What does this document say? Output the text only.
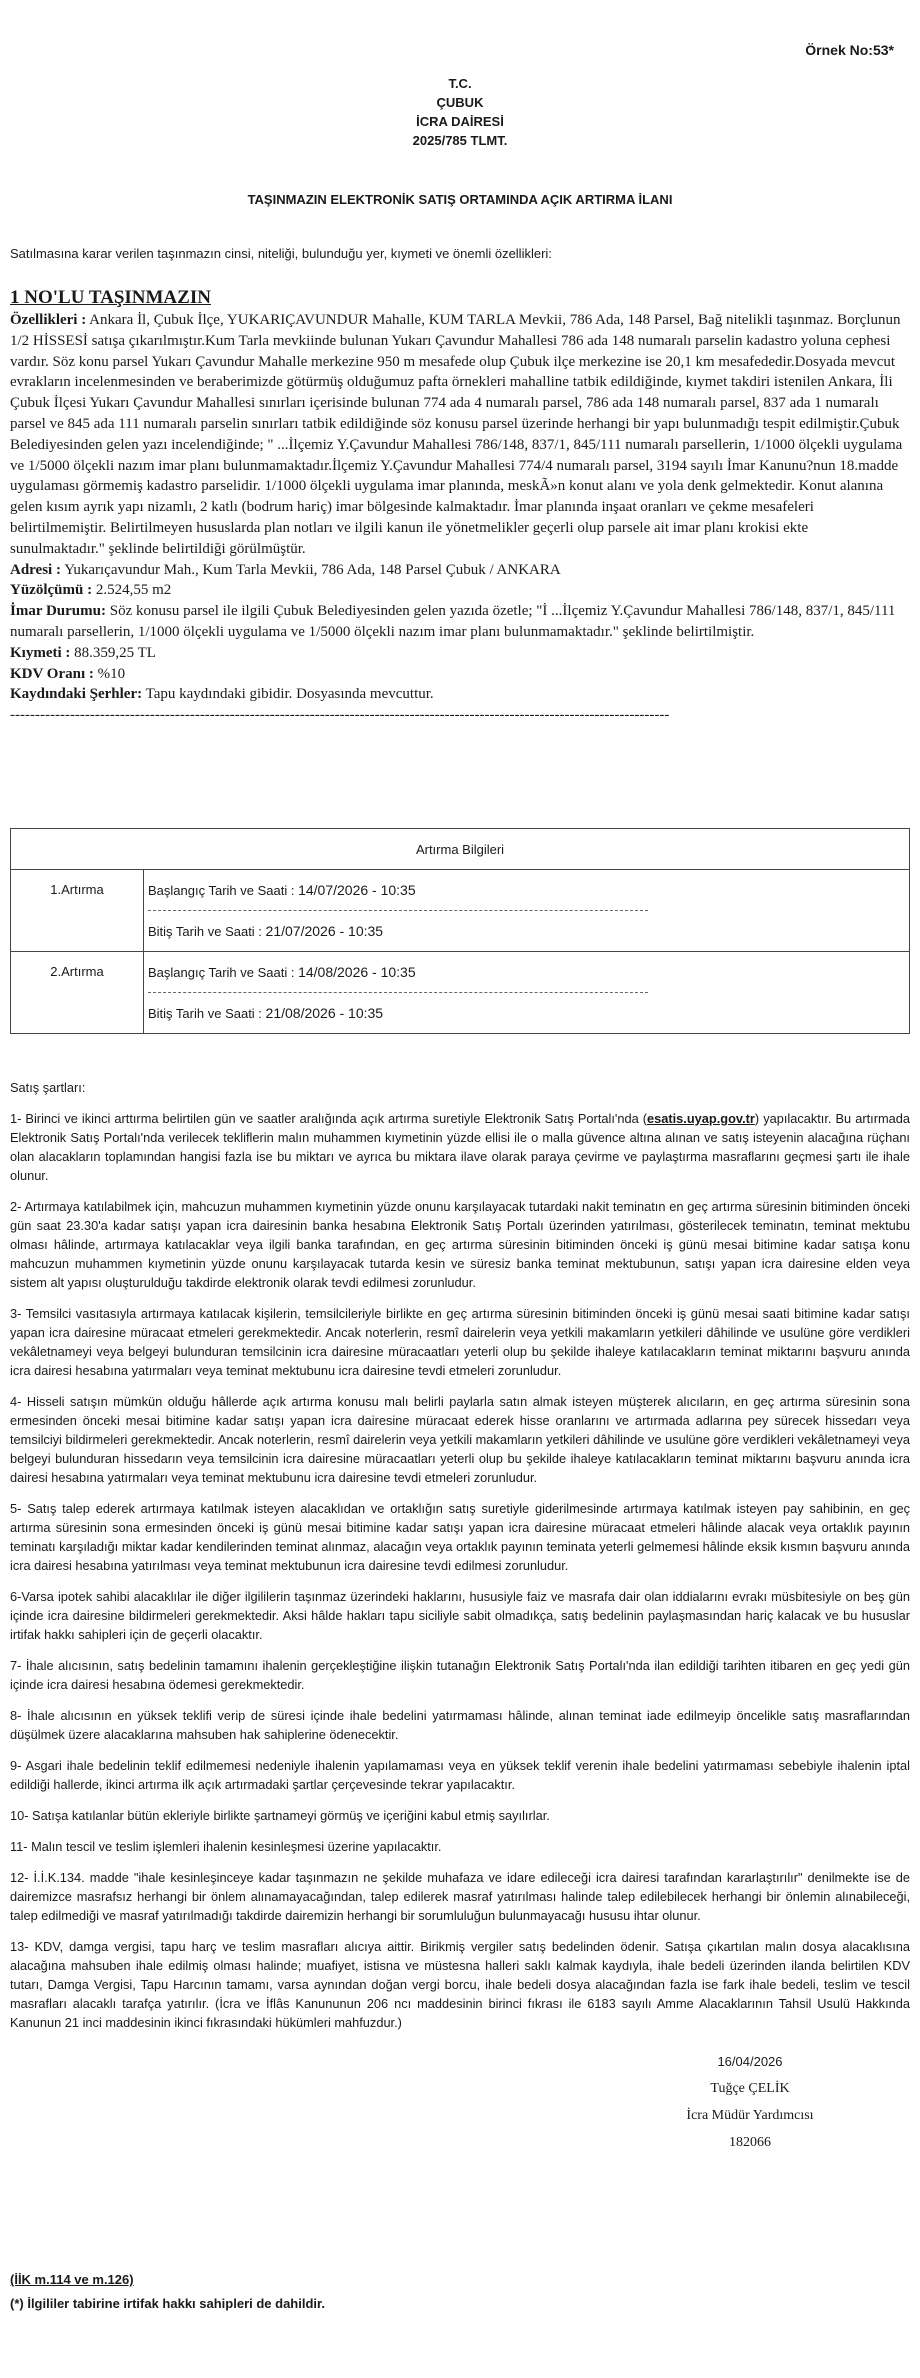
Örnek No:53*
T.C.
ÇUBUK
İCRA DAİRESİ
2025/785 TLMT.
TAŞINMAZIN ELEKTRONİK SATIŞ ORTAMINDA AÇIK ARTIRMA İLANI
Satılmasına karar verilen taşınmazın cinsi, niteliği, bulunduğu yer, kıymeti ve önemli özellikleri:
1 NO'LU TAŞINMAZIN

Özellikleri : Ankara İl, Çubuk İlçe, YUKARIÇAVUNDUR Mahalle, KUM TARLA Mevkii, 786 Ada, 148 Parsel, Bağ nitelikli taşınmaz. Borçlunun 1/2 HİSSESİ satışa çıkarılmıştır.Kum Tarla mevkiinde bulunan Yukarı Çavundur Mahallesi 786 ada 148 numaralı parselin kadastro yoluna cephesi vardır. Söz konu parsel Yukarı Çavundur Mahalle merkezine 950 m mesafede olup Çubuk ilçe merkezine ise 20,1 km mesafededir.Dosyada mevcut evrakların incelenmesinden ve beraberimizde götürmüş olduğumuz pafta örnekleri mahalline tatbik edildiğinde, kıymet takdiri istenilen Ankara, İli Çubuk İlçesi Yukarı Çavundur Mahallesi sınırları içerisinde bulunan 774 ada 4 numaralı parsel, 786 ada 148 numaralı parsel, 837 ada 1 numaralı parsel ve 845 ada 111 numaralı parselin sınırları tatbik edildiğinde söz konusu parsel üzerinde herhangi bir yapı bulunmadığı tespit edilmiştir.Çubuk Belediyesinden gelen yazı incelendiğinde; " ...İlçemiz Y.Çavundur Mahallesi 786/148, 837/1, 845/111 numaralı parsellerin, 1/1000 ölçekli uygulama ve 1/5000 ölçekli nazım imar planı bulunmamaktadır.İlçemiz Y.Çavundur Mahallesi 774/4 numaralı parsel, 3194 sayılı İmar Kanunu?nun 18.madde uygulaması görmemiş kadastro parselidir. 1/1000 ölçekli uygulama imar planında, meskÃ»n konut alanı ve yola denk gelmektedir. Konut alanına gelen kısım ayrık yapı nizamlı, 2 katlı (bodrum hariç) imar bölgesinde kalmaktadır. İmar planında inşaat oranları ve çekme mesafeleri belirtilmemiştir. Belirtilmeyen hususlarda plan notları ve ilgili kanun ile yönetmelikler geçerli olup parsele ait imar planı krokisi ekte sunulmaktadır." şeklinde belirtildiği görülmüştür.

Adresi : Yukarıçavundur Mah., Kum Tarla Mevkii, 786 Ada, 148 Parsel Çubuk / ANKARA

Yüzölçümü : 2.524,55 m2

İmar Durumu: Söz konusu parsel ile ilgili Çubuk Belediyesinden gelen yazıda özetle; "İ ...İlçemiz Y.Çavundur Mahallesi 786/148, 837/1, 845/111 numaralı parsellerin, 1/1000 ölçekli uygulama ve 1/5000 ölçekli nazım imar planı bulunmamaktadır." şeklinde belirtilmiştir.

Kıymeti : 88.359,25 TL

KDV Oranı : %10

Kaydındaki Şerhler: Tapu kaydındaki gibidir. Dosyasında mevcuttur.

------------------------------------------------------------------------------------------------------------------------------------

Artırma Bilgileri	
1.Artırma	Başlangıç Tarih ve Saati : 14/07/2026 - 10:35
Bitiş Tarih ve Saati : 21/07/2026 - 10:35

2.Artırma	Başlangıç Tarih ve Saati : 14/08/2026 - 10:35
Bitiş Tarih ve Saati : 21/08/2026 - 10:35

Satış şartları:

1- Birinci ve ikinci arttırma belirtilen gün ve saatler aralığında açık artırma suretiyle Elektronik Satış Portalı'nda (esatis.uyap.gov.tr) yapılacaktır. Bu artırmada Elektronik Satış Portalı'nda verilecek tekliflerin malın muhammen kıymetinin yüzde ellisi ile o malla güvence altına alınan ve satış isteyenin alacağına rüçhanı olan alacakların toplamından hangisi fazla ise bu miktarı ve ayrıca bu miktara ilave olarak paraya çevirme ve paylaştırma masraflarını geçmesi şartı ile ihale olunur.

2- Artırmaya katılabilmek için, mahcuzun muhammen kıymetinin yüzde onunu karşılayacak tutardaki nakit teminatın en geç artırma süresinin bitiminden önceki gün saat 23.30'a kadar satışı yapan icra dairesinin banka hesabına Elektronik Satış Portalı üzerinden yatırılması, gösterilecek teminatın, teminat mektubu olması hâlinde, artırmaya katılacaklar veya ilgili banka tarafından, en geç artırma süresinin bitiminden önceki iş günü mesai bitimine kadar satışa konu mahcuzun muhammen kıymetinin yüzde onunu karşılayacak tutarda kesin ve süresiz banka teminat mektubunun, satışı yapan icra dairesine elden veya sistem alt yapısı oluşturulduğu takdirde elektronik olarak tevdi edilmesi zorunludur.

3- Temsilci vasıtasıyla artırmaya katılacak kişilerin, temsilcileriyle birlikte en geç artırma süresinin bitiminden önceki iş günü mesai saati bitimine kadar satışı yapan icra dairesine müracaat etmeleri gerekmektedir. Ancak noterlerin, resmî dairelerin veya yetkili makamların yetkileri dâhilinde ve usulüne göre verdikleri vekâletnameyi veya belgeyi bulunduran temsilcinin icra dairesine müracaatları yeterli olup bu şekilde ihaleye katılacakların teminat miktarını başvuru anında icra dairesi hesabına yatırmaları veya teminat mektubunu icra dairesine tevdi etmeleri zorunludur.

4- Hisseli satışın mümkün olduğu hâllerde açık artırma konusu malı belirli paylarla satın almak isteyen müşterek alıcıların, en geç artırma süresinin sona ermesinden önceki mesai bitimine kadar satışı yapan icra dairesine müracaat ederek hisse oranlarını ve artırmada adlarına pey sürecek hissedarı veya temsilciyi bildirmeleri gerekmektedir. Ancak noterlerin, resmî dairelerin veya yetkili makamların yetkileri dâhilinde ve usulüne göre verdikleri vekâletnameyi veya belgeyi bulunduran hissedarın veya temsilcinin icra dairesine müracaatları yeterli olup bu şekilde ihaleye katılacakların teminat miktarını başvuru anında icra dairesi hesabına yatırmaları veya teminat mektubunu icra dairesine tevdi etmeleri zorunludur.

5- Satış talep ederek artırmaya katılmak isteyen alacaklıdan ve ortaklığın satış suretiyle giderilmesinde artırmaya katılmak isteyen pay sahibinin, en geç artırma süresinin sona ermesinden önceki iş günü mesai bitimine kadar satışı yapan icra dairesine müracaat etmeleri hâlinde alacak veya ortaklık payının teminatı karşıladığı miktar kadar kendilerinden teminat alınmaz, alacağın veya ortaklık payının teminata yeterli gelmemesi hâlinde eksik kısmın başvuru anında icra dairesi hesabına yatırılması veya teminat mektubunun icra dairesine tevdi edilmesi zorunludur.

6-Varsa ipotek sahibi alacaklılar ile diğer ilgililerin taşınmaz üzerindeki haklarını, hususiyle faiz ve masrafa dair olan iddialarını evrakı müsbitesiyle on beş gün içinde icra dairesine bildirmeleri gerekmektedir. Aksi hâlde hakları tapu siciliyle sabit olmadıkça, satış bedelinin paylaşmasından hariç kalacak ve bu hususlar irtifak hakkı sahipleri için de geçerli olacaktır.

7- İhale alıcısının, satış bedelinin tamamını ihalenin gerçekleştiğine ilişkin tutanağın Elektronik Satış Portalı'nda ilan edildiği tarihten itibaren en geç yedi gün içinde icra dairesi hesabına ödemesi gerekmektedir.

8- İhale alıcısının en yüksek teklifi verip de süresi içinde ihale bedelini yatırmaması hâlinde, alınan teminat iade edilmeyip öncelikle satış masraflarından düşülmek üzere alacaklarına mahsuben hak sahiplerine ödenecektir.

9- Asgari ihale bedelinin teklif edilmemesi nedeniyle ihalenin yapılamaması veya en yüksek teklif verenin ihale bedelini yatırmaması sebebiyle ihalenin iptal edildiği hallerde, ikinci artırma ilk açık artırmadaki şartlar çerçevesinde tekrar yapılacaktır.

10- Satışa katılanlar bütün ekleriyle birlikte şartnameyi görmüş ve içeriğini kabul etmiş sayılırlar.

11- Malın tescil ve teslim işlemleri ihalenin kesinleşmesi üzerine yapılacaktır.

12- İ.İ.K.134. madde "ihale kesinleşinceye kadar taşınmazın ne şekilde muhafaza ve idare edileceği icra dairesi tarafından kararlaştırılır" denilmekte ise de dairemizce masrafsız herhangi bir önlem alınamayacağından, talep edilerek masraf yatırılması halinde talep edilebilecek herhangi bir önlemin alınabileceği, talep edilmediği ve masraf yatırılmadığı takdirde dairemizin herhangi bir sorumluluğun bulunmayacağı hususu ihtar olunur.

13- KDV, damga vergisi, tapu harç ve teslim masrafları alıcıya aittir. Birikmiş vergiler satış bedelinden ödenir. Satışa çıkartılan malın dosya alacaklısına alacağına mahsuben ihale edilmiş olması halinde; muafiyet, istisna ve müstesna halleri saklı kalmak kaydıyla, ihale bedeli üzerinden ilanda belirtilen KDV tutarı, Damga Vergisi, Tapu Harcının tamamı, varsa aynından doğan vergi borcu, ihale bedeli dosya alacağından fazla ise fark ihale bedeli, teslim ve tescil masrafları alacaklı tarafça yatırılır. (İcra ve İflâs Kanununun 206 ncı maddesinin birinci fıkrası ile 6183 sayılı Amme Alacaklarının Tahsil Usulü Hakkında Kanunun 21 inci maddesinin ikinci fıkrasındaki hükümleri mahfuzdur.)

16/04/2026
Tuğçe ÇELİK
İcra Müdür Yardımcısı
182066
(İİK m.114 ve m.126)
(*) İlgililer tabirine irtifak hakkı sahipleri de dahildir.
